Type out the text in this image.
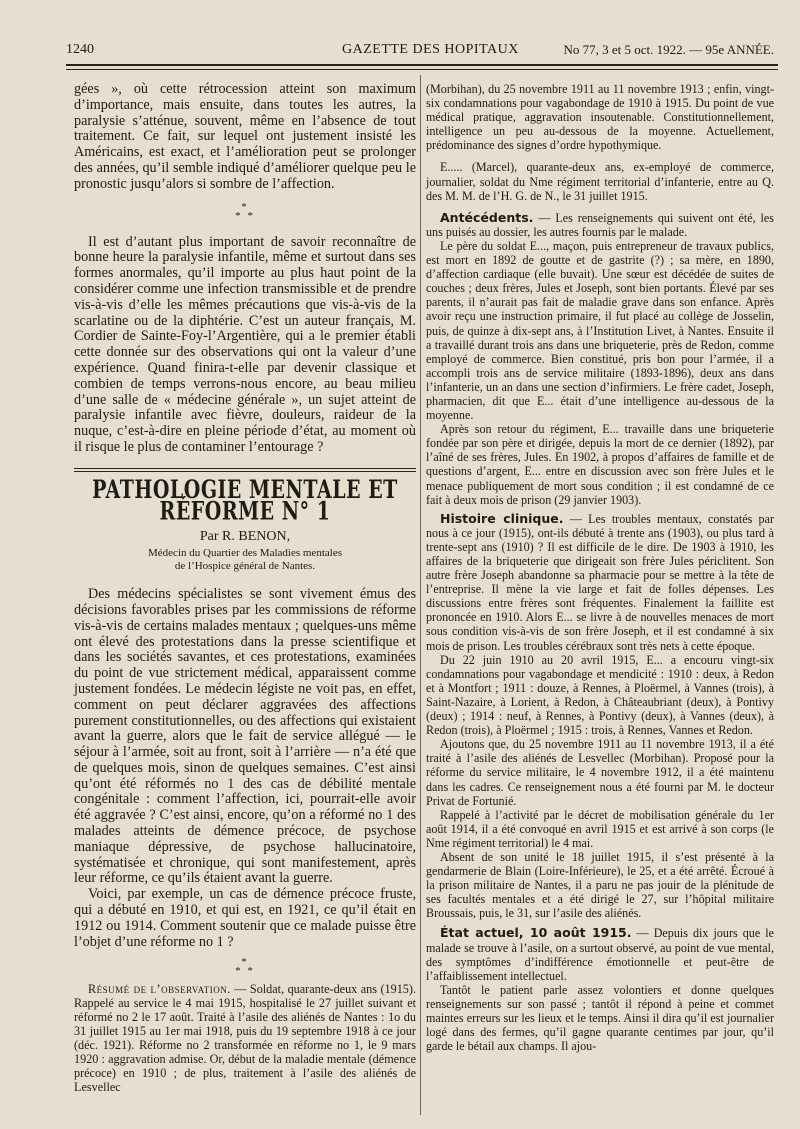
1240	GAZETTE DES HOPITAUX	No 77, 3 et 5 oct. 1922. — 95e ANNÉE.

gées », où cette rétrocession atteint son maximum d’importance, mais ensuite, dans toutes les autres, la paralysie s’atténue, souvent, même en l’absence de tout traitement. Ce fait, sur lequel ont justement insisté les Américains, est exact, et l’amélioration peut se prolonger des années, qu’il semble indiqué d’améliorer quelque peu le pronostic jusqu’alors si sombre de l’affection.

*
* *

Il est d’autant plus important de savoir reconnaître de bonne heure la paralysie infantile, même et surtout dans ses formes anormales, qu’il importe au plus haut point de la considérer comme une infection transmissible et de prendre vis-à-vis d’elle les mêmes précautions que vis-à-vis de la scarlatine ou de la diphtérie. C’est un auteur français, M. Cordier de Sainte-Foy-l’Argentière, qui a le premier établi cette donnée sur des observations qui ont la valeur d’une expérience. Quand finira-t-elle par devenir classique et combien de temps verrons-nous encore, au beau milieu d’une salle de « médecine générale », un sujet atteint de paralysie infantile avec fièvre, douleurs, raideur de la nuque, c’est-à-dire en pleine période d’état, au moment où il risque le plus de contaminer l’entourage ?

PATHOLOGIE MENTALE ET RÉFORME N° 1
Par R. BENON,
Médecin du Quartier des Maladies mentales
de l’Hospice général de Nantes.

Des médecins spécialistes se sont vivement émus des décisions favorables prises par les commissions de réforme vis-à-vis de certains malades mentaux ; quelques-uns même ont élevé des protestations dans la presse scientifique et dans les sociétés savantes, et ces protestations, examinées du point de vue strictement médical, apparaissent comme justement fondées. Le médecin légiste ne voit pas, en effet, comment on peut déclarer aggravées des affections purement constitutionnelles, ou des affections qui existaient avant la guerre, alors que le fait de service allégué — le séjour à l’armée, soit au front, soit à l’arrière — n’a été que de quelques mois, sinon de quelques semaines. C’est ainsi qu’ont été réformés no 1 des cas de débilité mentale congénitale : comment l’affection, ici, pourrait-elle avoir été aggravée ? C’est ainsi, encore, qu’on a réformé no 1 des malades atteints de démence précoce, de psychose maniaque dépressive, de psychose hallucinatoire, systématisée et chronique, qui sont manifestement, après leur réforme, ce qu’ils étaient avant la guerre.

Voici, par exemple, un cas de démence précoce fruste, qui a débuté en 1910, et qui est, en 1921, ce qu’il était en 1912 ou 1914. Comment soutenir que ce malade puisse être l’objet d’une réforme no 1 ?

*
* *

Résumé de l’observation. — Soldat, quarante-deux ans (1915). Rappelé au service le 4 mai 1915, hospitalisé le 27 juillet suivant et réformé no 2 le 17 août. Traité à l’asile des aliénés de Nantes : 1o du 31 juillet 1915 au 1er mai 1918, puis du 19 septembre 1918 à ce jour (déc. 1921). Réforme no 2 transformée en réforme no 1, le 9 mars 1920 : aggravation admise. Or, début de la maladie mentale (démence précoce) en 1910 ; de plus, traitement à l’asile des aliénés de Lesvellec

(Morbihan), du 25 novembre 1911 au 11 novembre 1913 ; enfin, vingt-six condamnations pour vagabondage de 1910 à 1915. Du point de vue médical pratique, aggravation insoutenable. Constitutionnellement, intelligence un peu au-dessous de la moyenne. Actuellement, prédominance des signes d’ordre hypothymique.

E..... (Marcel), quarante-deux ans, ex-employé de commerce, journalier, soldat du Nme régiment territorial d’infanterie, entre au Q. des M. M. de l’H. G. de N., le 31 juillet 1915.

Antécédents. — Les renseignements qui suivent ont été, les uns puisés au dossier, les autres fournis par le malade.

Le père du soldat E..., maçon, puis entrepreneur de travaux publics, est mort en 1892 de goutte et de gastrite (?) ; sa mère, en 1890, d’affection cardiaque (elle buvait). Une sœur est décédée de suites de couches ; deux frères, Jules et Joseph, sont bien portants. Élevé par ses parents, il n’aurait pas fait de maladie grave dans son enfance. Après avoir reçu une instruction primaire, il fut placé au collège de Josselin, puis, de quinze à dix-sept ans, à l’Institution Livet, à Nantes. Ensuite il a travaillé durant trois ans dans une briqueterie, près de Redon, comme employé de commerce. Bien constitué, pris bon pour l’armée, il a accompli trois ans de service militaire (1893-1896), deux ans dans l’infanterie, un an dans une section d’infirmiers. Le frère cadet, Joseph, pharmacien, dit que E... était d’une intelligence au-dessous de la moyenne.

Après son retour du régiment, E... travaille dans une briqueterie fondée par son père et dirigée, depuis la mort de ce dernier (1892), par l’aîné de ses frères, Jules. En 1902, à propos d’affaires de famille et de questions d’argent, E... entre en discussion avec son frère Jules et le menace publiquement de mort sous condition ; il est condamné de ce fait à deux mois de prison (29 janvier 1903).

Histoire clinique. — Les troubles mentaux, constatés par nous à ce jour (1915), ont-ils débuté à trente ans (1903), ou plus tard à trente-sept ans (1910) ? Il est difficile de le dire. De 1903 à 1910, les affaires de la briqueterie que dirigeait son frère Jules périclitent. Son autre frère Joseph abandonne sa pharmacie pour se mettre à la tête de l’entreprise. Il mène la vie large et fait de folles dépenses. Les discussions entre frères sont fréquentes. Finalement la faillite est prononcée en 1910. Alors E... se livre à de nouvelles menaces de mort sous condition vis-à-vis de son frère Joseph, et il est condamné à six mois de prison. Les troubles cérébraux sont très nets à cette époque.

Du 22 juin 1910 au 20 avril 1915, E... a encouru vingt-six condamnations pour vagabondage et mendicité : 1910 : deux, à Redon et à Montfort ; 1911 : douze, à Rennes, à Ploërmel, à Vannes (trois), à Saint-Nazaire, à Lorient, à Redon, à Châteaubriant (deux), à Pontivy (deux) ; 1914 : neuf, à Rennes, à Pontivy (deux), à Vannes (deux), à Redon (trois), à Ploërmel ; 1915 : trois, à Rennes, Vannes et Redon.

Ajoutons que, du 25 novembre 1911 au 11 novembre 1913, il a été traité à l’asile des aliénés de Lesvellec (Morbihan). Proposé pour la réforme du service militaire, le 4 novembre 1912, il a été maintenu dans les cadres. Ce renseignement nous a été fourni par M. le docteur Privat de Fortunié.

Rappelé à l’activité par le décret de mobilisation générale du 1er août 1914, il a été convoqué en avril 1915 et est arrivé à son corps (le Nme régiment territorial) le 4 mai.

Absent de son unité le 18 juillet 1915, il s’est présenté à la gendarmerie de Blain (Loire-Inférieure), le 25, et a été arrêté. Écroué à la prison militaire de Nantes, il a paru ne pas jouir de la plénitude de ses facultés mentales et a été dirigé le 27, sur l’hôpital militaire Broussais, puis, le 31, sur l’asile des aliénés.

État actuel, 10 août 1915. — Depuis dix jours que le malade se trouve à l’asile, on a surtout observé, au point de vue mental, des symptômes d’indifférence émotionnelle et peut-être de l’affaiblissement intellectuel.

Tantôt le patient parle assez volontiers et donne quelques renseignements sur son passé ; tantôt il répond à peine et commet maintes erreurs sur les lieux et le temps. Ainsi il dira qu’il est journalier logé dans des fermes, qu’il gagne quarante centimes par jour, qu’il garde le bétail aux champs. Il ajou-
